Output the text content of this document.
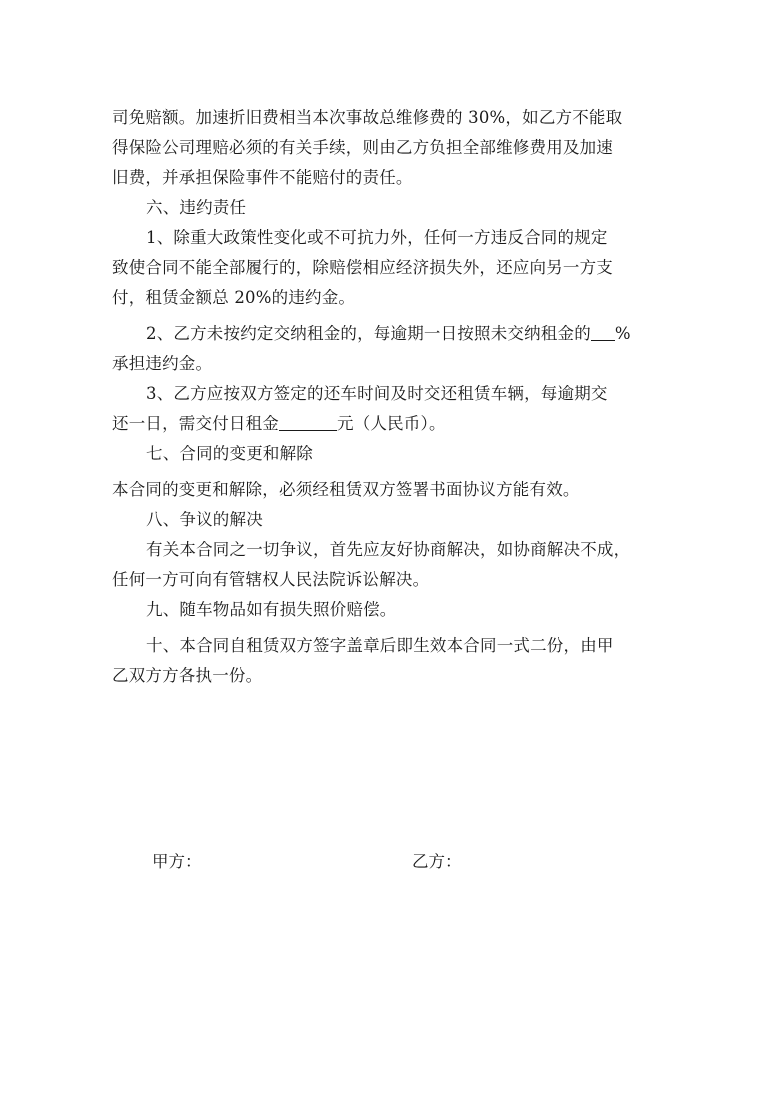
司免赔额。加速折旧费相当本次事故总维修费的 30%，如乙方不能取
得保险公司理赔必须的有关手续，则由乙方负担全部维修费用及加速
旧费，并承担保险事件不能赔付的责任。
六、违约责任
1、除重大政策性变化或不可抗力外，任何一方违反合同的规定
致使合同不能全部履行的，除赔偿相应经济损失外，还应向另一方支
付，租赁金额总 20%的违约金。
2、乙方未按约定交纳租金的，每逾期一日按照未交纳租金的 %
承担违约金。
3、乙方应按双方签定的还车时间及时交还租赁车辆，每逾期交
还一日，需交付日租金	元（人民币）。
七、合同的变更和解除
本合同的变更和解除，必须经租赁双方签署书面协议方能有效。
八、争议的解决
有关本合同之一切争议，首先应友好协商解决，如协商解决不成，
任何一方可向有管辖权人民法院诉讼解决。
九、随车物品如有损失照价赔偿。
十、本合同自租赁双方签字盖章后即生效本合同一式二份，由甲
乙双方方各执一份。
甲方：	乙方：
